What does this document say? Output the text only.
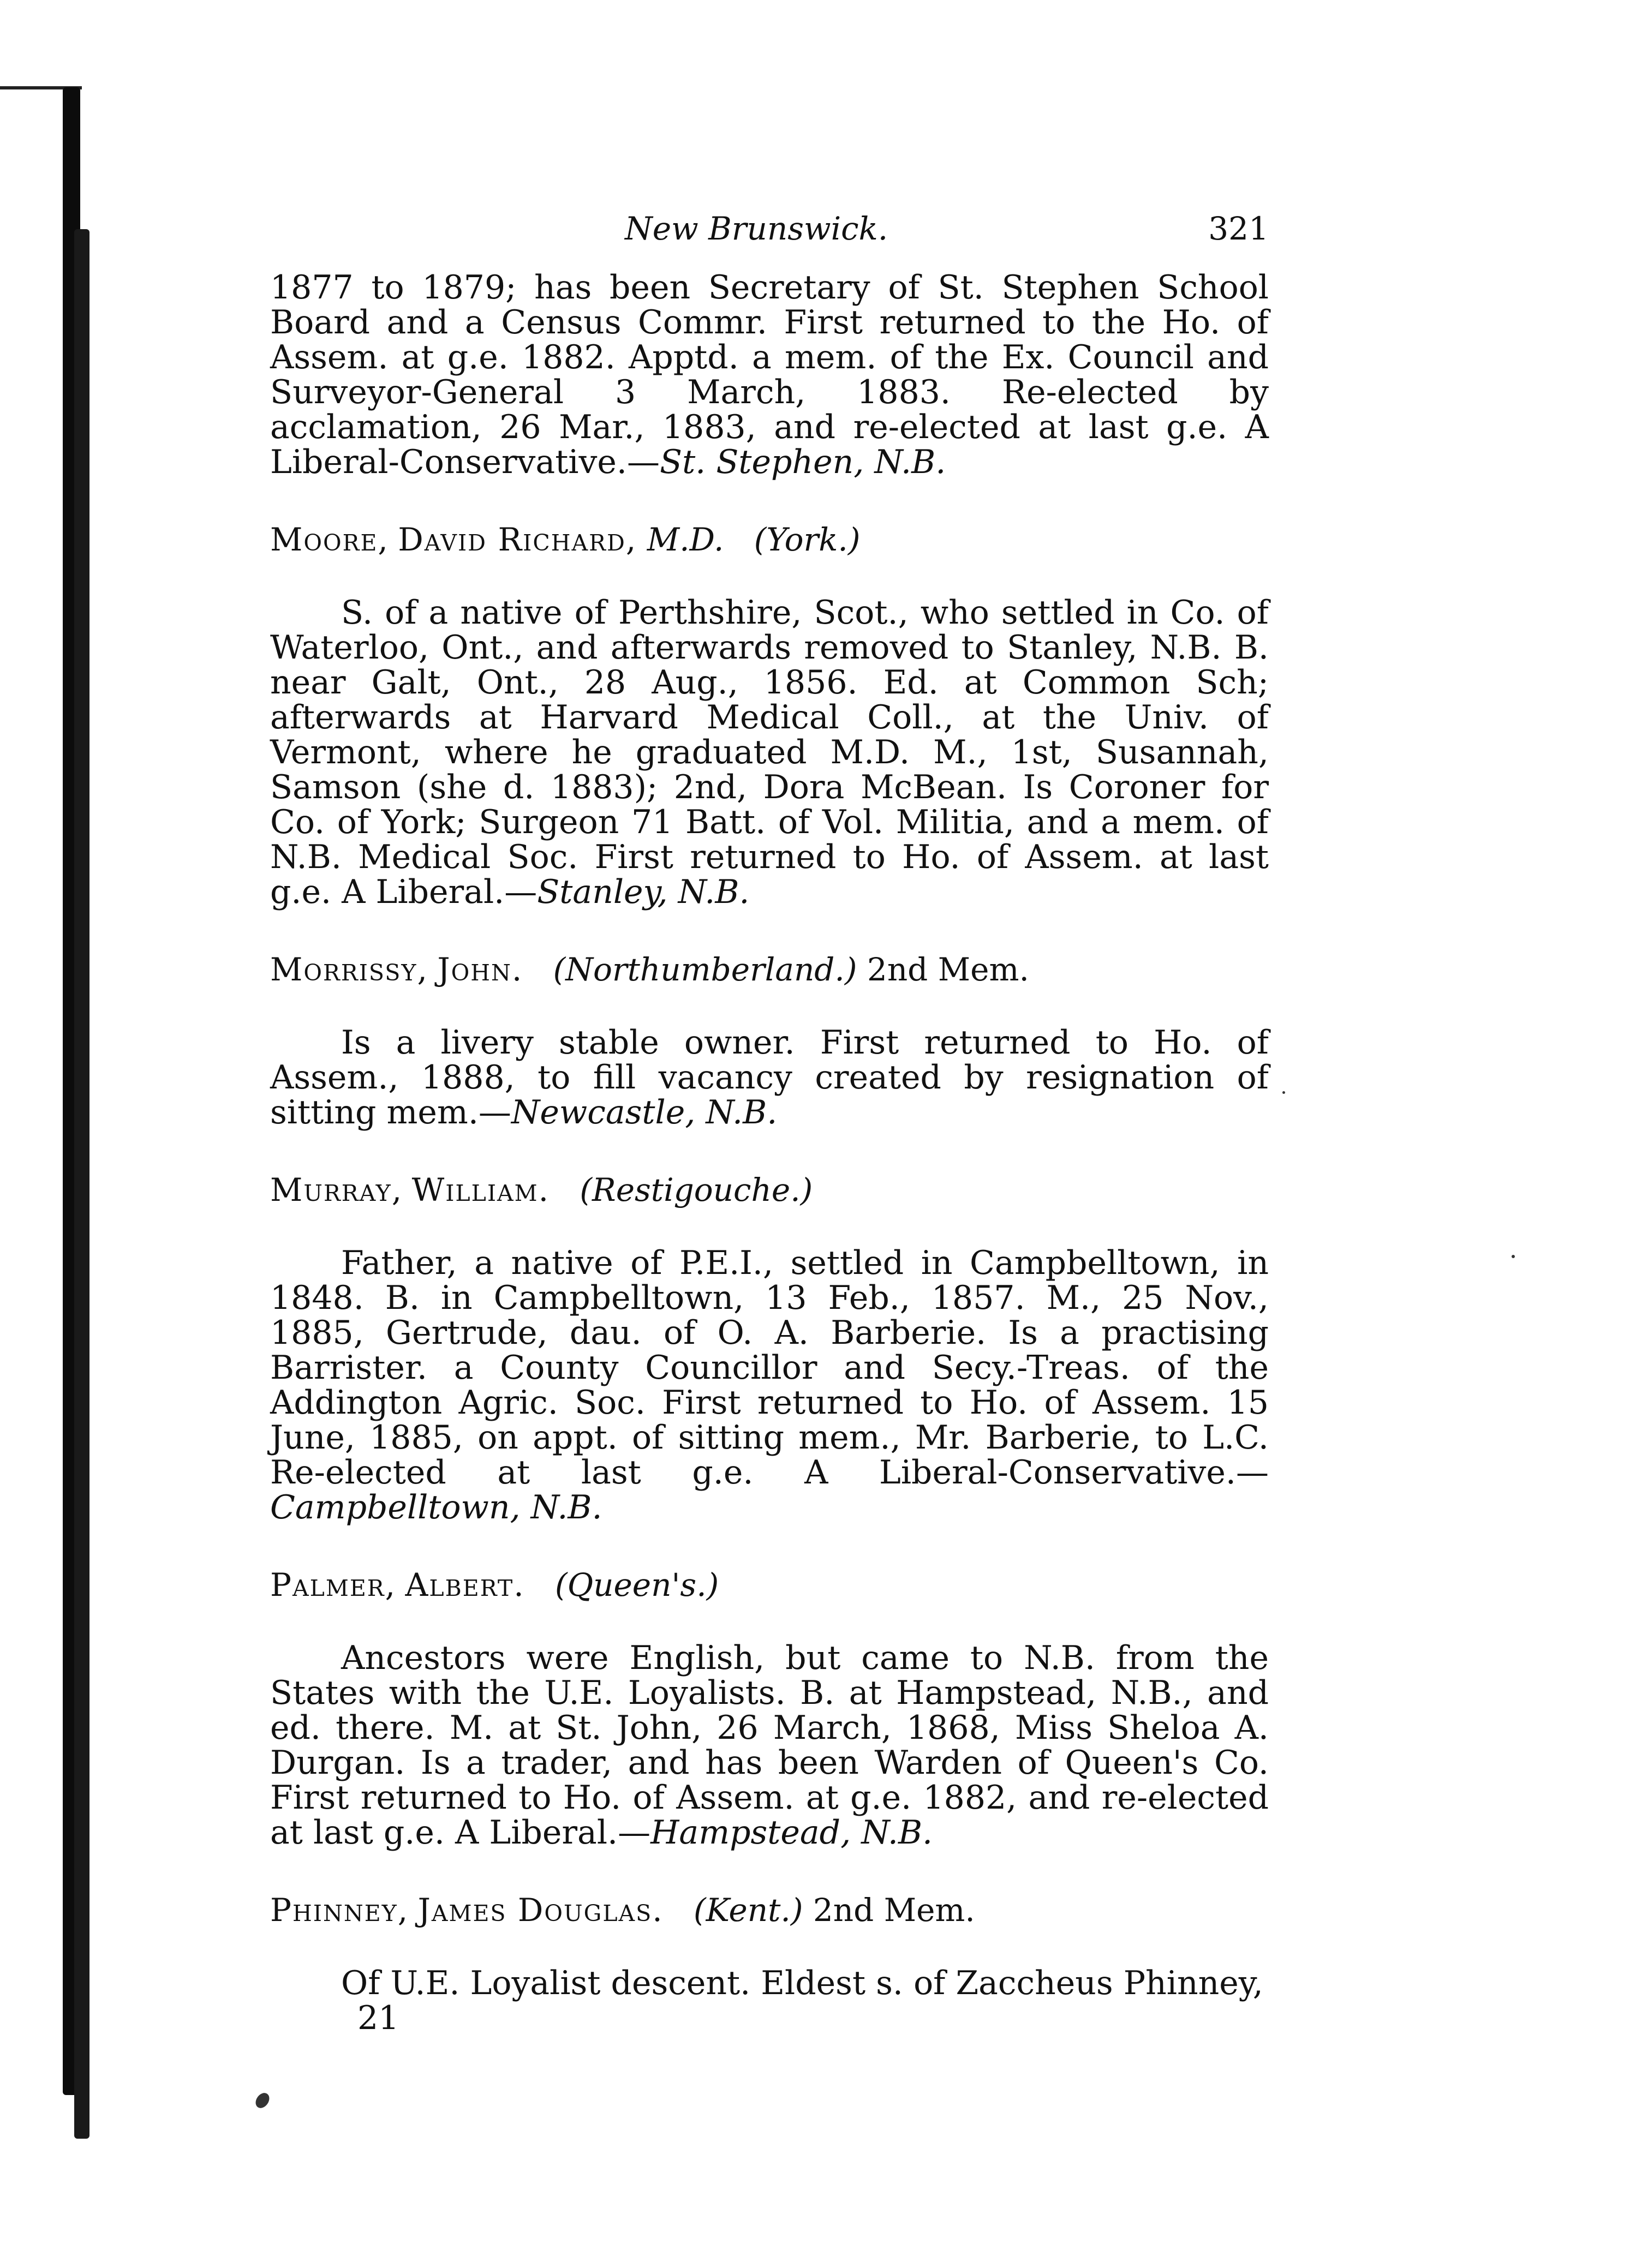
New Brunswick.	321

1877 to 1879; has been Secretary of St. Stephen School Board and a Census Commr. First returned to the Ho. of Assem. at g.e. 1882. Apptd. a mem. of the Ex. Council and Surveyor-General 3 March, 1883. Re-elected by acclamation, 26 Mar., 1883, and re-elected at last g.e. A Liberal-Conservative.—St. Stephen, N.B.

Moore, David Richard, M.D. (York.)

S. of a native of Perthshire, Scot., who settled in Co. of Waterloo, Ont., and afterwards removed to Stanley, N.B. B. near Galt, Ont., 28 Aug., 1856. Ed. at Common Sch; afterwards at Harvard Medical Coll., at the Univ. of Vermont, where he graduated M.D. M., 1st, Susannah, Samson (she d. 1883); 2nd, Dora McBean. Is Coroner for Co. of York; Surgeon 71 Batt. of Vol. Militia, and a mem. of N.B. Medical Soc. First returned to Ho. of Assem. at last g.e. A Liberal.—Stanley, N.B.

Morrissy, John. (Northumberland.) 2nd Mem.

Is a livery stable owner. First returned to Ho. of Assem., 1888, to fill vacancy created by resignation of sitting mem.—Newcastle, N.B.

Murray, William. (Restigouche.)

Father, a native of P.E.I., settled in Campbelltown, in 1848. B. in Campbelltown, 13 Feb., 1857. M., 25 Nov., 1885, Gertrude, dau. of O. A. Barberie. Is a practising Barrister. a County Councillor and Secy.-Treas. of the Addington Agric. Soc. First returned to Ho. of Assem. 15 June, 1885, on appt. of sitting mem., Mr. Barberie, to L.C. Re-elected at last g.e. A Liberal-Conservative.—Campbelltown, N.B.

Palmer, Albert. (Queen's.)

Ancestors were English, but came to N.B. from the States with the U.E. Loyalists. B. at Hampstead, N.B., and ed. there. M. at St. John, 26 March, 1868, Miss Sheloa A. Durgan. Is a trader, and has been Warden of Queen's Co. First returned to Ho. of Assem. at g.e. 1882, and re-elected at last g.e. A Liberal.—Hampstead, N.B.

Phinney, James Douglas. (Kent.) 2nd Mem.

Of U.E. Loyalist descent. Eldest s. of Zaccheus Phinney,

21
